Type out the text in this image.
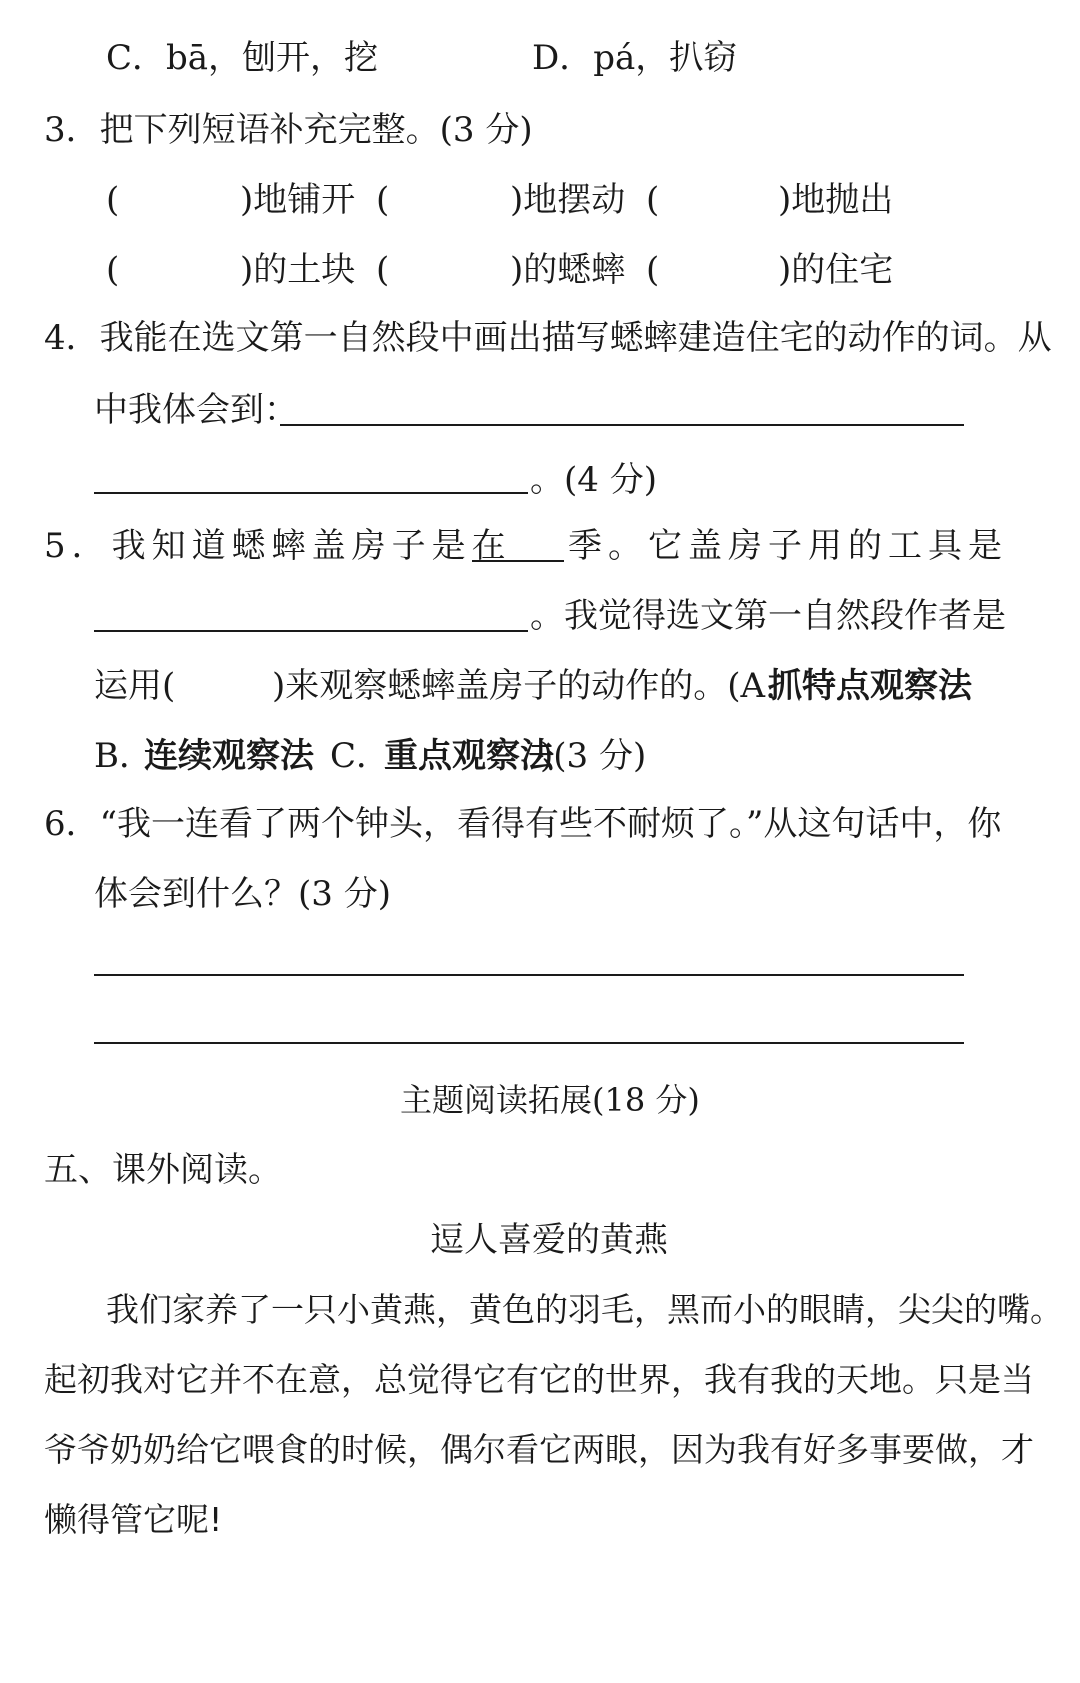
C．bā，刨开，挖	D．pá，扒窃
3．把下列短语补充完整。(3 分)
(	)地铺开 (	)地摆动 (	)地抛出
(	)的土块 (	)的蟋蟀 (	)的住宅
4．我能在选文第一自然段中画出描写蟋蟀建造住宅的动作的词。从
中我体会到：
。(4 分)
5．我知道蟋蟀盖房子是在 季。它盖房子用的工具是
。我觉得选文第一自然段作者是
运用(	)来观察蟋蟀盖房子的动作的。(A.
抓特点观察法
B．
连续观察法 C．
重点观察法
)(3 分)
6．“我一连看了两个钟头，看得有些不耐烦了。”从这句话中，你
体会到什么？(3 分)
主题阅读拓展(18 分)
五、课外阅读。
逗人喜爱的黄燕
我们家养了一只小黄燕，黄色的羽毛，黑而小的眼睛，尖尖的嘴。
起初我对它并不在意，总觉得它有它的世界，我有我的天地。只是当
爷爷奶奶给它喂食的时候，偶尔看它两眼，因为我有好多事要做，才
懒得管它呢!
